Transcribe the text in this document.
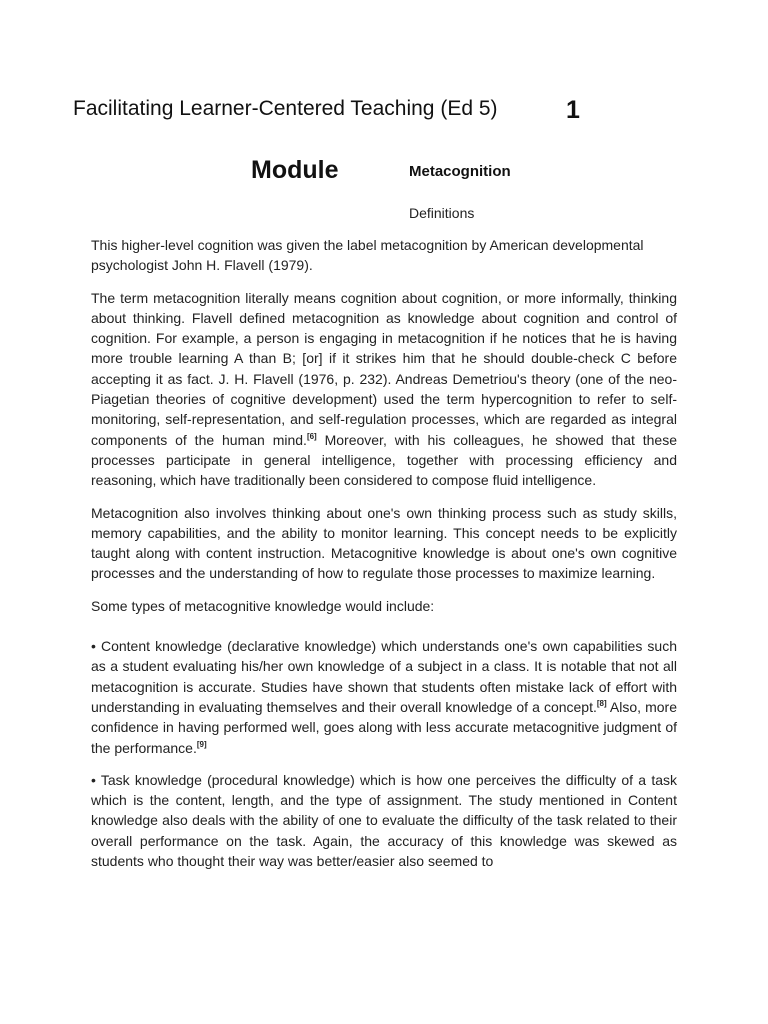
Facilitating Learner-Centered Teaching (Ed 5)	1
Module	Metacognition
Definitions

This higher-level cognition was given the label metacognition by American developmental psychologist John H. Flavell (1979).

The term metacognition literally means cognition about cognition, or more informally, thinking about thinking. Flavell defined metacognition as knowledge about cognition and control of cognition. For example, a person is engaging in metacognition if he notices that he is having more trouble learning A than B; [or] if it strikes him that he should double-check C before accepting it as fact. J. H. Flavell (1976, p. 232). Andreas Demetriou's theory (one of the neo-Piagetian theories of cognitive development) used the term hypercognition to refer to self-monitoring, self-representation, and self-regulation processes, which are regarded as integral components of the human mind.[6] Moreover, with his colleagues, he showed that these processes participate in general intelligence, together with processing efficiency and reasoning, which have traditionally been considered to compose fluid intelligence.

Metacognition also involves thinking about one's own thinking process such as study skills, memory capabilities, and the ability to monitor learning. This concept needs to be explicitly taught along with content instruction. Metacognitive knowledge is about one's own cognitive processes and the understanding of how to regulate those processes to maximize learning.

Some types of metacognitive knowledge would include:

• Content knowledge (declarative knowledge) which understands one's own capabilities such as a student evaluating his/her own knowledge of a subject in a class. It is notable that not all metacognition is accurate. Studies have shown that students often mistake lack of effort with understanding in evaluating themselves and their overall knowledge of a concept.[8] Also, more confidence in having performed well, goes along with less accurate metacognitive judgment of the performance.[9]

• Task knowledge (procedural knowledge) which is how one perceives the difficulty of a task which is the content, length, and the type of assignment. The study mentioned in Content knowledge also deals with the ability of one to evaluate the difficulty of the task related to their overall performance on the task. Again, the accuracy of this knowledge was skewed as students who thought their way was better/easier also seemed to
